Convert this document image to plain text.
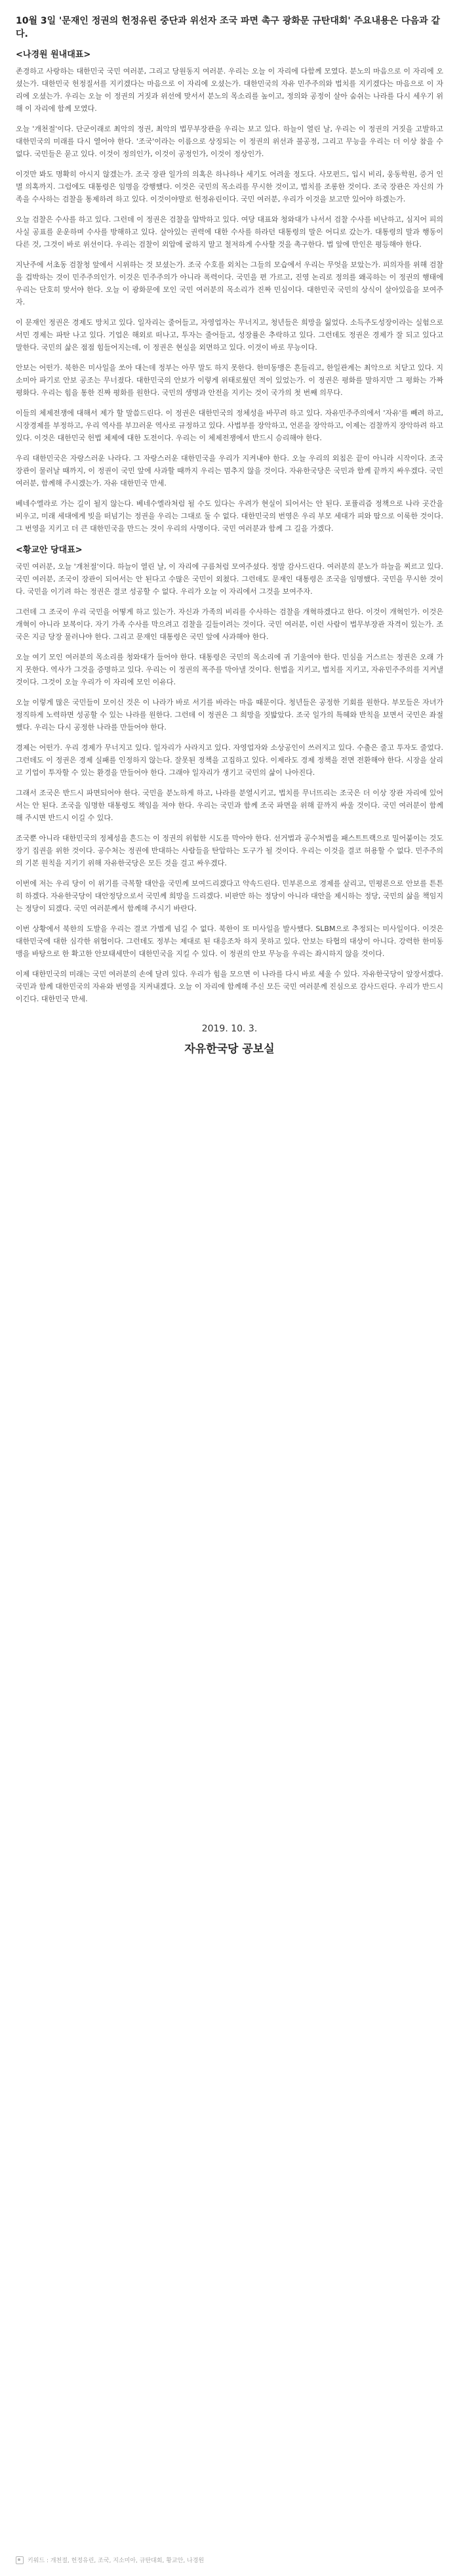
10월 3일 '문재인 정권의 헌정유린 중단과 위선자 조국 파면 촉구 광화문 규탄대회' 주요내용은 다음과 같다.
<나경원 원내대표>

존경하고 사랑하는 대한민국 국민 여러분, 그리고 당원동지 여러분. 우리는 오늘 이 자리에 다함께 모였다. 분노의 마음으로 이 자리에 오셨는가. 대한민국 헌정질서를 지키겠다는 마음으로 이 자리에 오셨는가. 대한민국의 자유 민주주의와 법치를 지키겠다는 마음으로 이 자리에 오셨는가. 우리는 오늘 이 정권의 거짓과 위선에 맞서서 분노의 목소리를 높이고, 정의와 공정이 살아 숨쉬는 나라를 다시 세우기 위해 이 자리에 함께 모였다.

오늘 '개천절'이다. 단군이래로 최악의 정권, 최악의 법무부장관을 우리는 보고 있다. 하늘이 열린 날, 우리는 이 정권의 거짓을 고발하고 대한민국의 미래를 다시 열어야 한다. '조국'이라는 이름으로 상징되는 이 정권의 위선과 불공정, 그리고 무능을 우리는 더 이상 참을 수 없다. 국민들은 묻고 있다. 이것이 정의인가, 이것이 공정인가, 이것이 정상인가.

이것만 봐도 명확히 아시지 않겠는가. 조국 장관 일가의 의혹은 하나하나 세기도 어려울 정도다. 사모펀드, 입시 비리, 웅동학원, 증거 인멸 의혹까지. 그럼에도 대통령은 임명을 강행했다. 이것은 국민의 목소리를 무시한 것이고, 법치를 조롱한 것이다. 조국 장관은 자신의 가족을 수사하는 검찰을 통제하려 하고 있다. 이것이야말로 헌정유린이다. 국민 여러분, 우리가 이것을 보고만 있어야 하겠는가.

오늘 검찰은 수사를 하고 있다. 그런데 이 정권은 검찰을 압박하고 있다. 여당 대표와 청와대가 나서서 검찰 수사를 비난하고, 심지어 피의사실 공표를 운운하며 수사를 방해하고 있다. 살아있는 권력에 대한 수사를 하라던 대통령의 말은 어디로 갔는가. 대통령의 말과 행동이 다른 것, 그것이 바로 위선이다. 우리는 검찰이 외압에 굴하지 말고 철저하게 수사할 것을 촉구한다. 법 앞에 만인은 평등해야 한다.

지난주에 서초동 검찰청 앞에서 시위하는 것 보셨는가. 조국 수호를 외치는 그들의 모습에서 우리는 무엇을 보았는가. 피의자를 위해 검찰을 겁박하는 것이 민주주의인가. 이것은 민주주의가 아니라 폭력이다. 국민을 편 가르고, 진영 논리로 정의를 왜곡하는 이 정권의 행태에 우리는 단호히 맞서야 한다. 오늘 이 광화문에 모인 국민 여러분의 목소리가 진짜 민심이다. 대한민국 국민의 상식이 살아있음을 보여주자.

이 문재인 정권은 경제도 망치고 있다. 일자리는 줄어들고, 자영업자는 무너지고, 청년들은 희망을 잃었다. 소득주도성장이라는 실험으로 서민 경제는 파탄 나고 있다. 기업은 해외로 떠나고, 투자는 줄어들고, 성장률은 추락하고 있다. 그런데도 정권은 경제가 잘 되고 있다고 말한다. 국민의 삶은 점점 힘들어지는데, 이 정권은 현실을 외면하고 있다. 이것이 바로 무능이다.

안보는 어떤가. 북한은 미사일을 쏘아 대는데 정부는 아무 말도 하지 못한다. 한미동맹은 흔들리고, 한일관계는 최악으로 치닫고 있다. 지소미아 파기로 안보 공조는 무너졌다. 대한민국의 안보가 이렇게 위태로웠던 적이 있었는가. 이 정권은 평화를 말하지만 그 평화는 가짜 평화다. 우리는 힘을 통한 진짜 평화를 원한다. 국민의 생명과 안전을 지키는 것이 국가의 첫 번째 의무다.

이들의 체제전쟁에 대해서 제가 할 말씀드린다. 이 정권은 대한민국의 정체성을 바꾸려 하고 있다. 자유민주주의에서 '자유'를 빼려 하고, 시장경제를 부정하고, 우리 역사를 부끄러운 역사로 규정하고 있다. 사법부를 장악하고, 언론을 장악하고, 이제는 검찰까지 장악하려 하고 있다. 이것은 대한민국 헌법 체제에 대한 도전이다. 우리는 이 체제전쟁에서 반드시 승리해야 한다.

우리 대한민국은 자랑스러운 나라다. 그 자랑스러운 대한민국을 우리가 지켜내야 한다. 오늘 우리의 외침은 끝이 아니라 시작이다. 조국 장관이 물러날 때까지, 이 정권이 국민 앞에 사과할 때까지 우리는 멈추지 않을 것이다. 자유한국당은 국민과 함께 끝까지 싸우겠다. 국민 여러분, 함께해 주시겠는가. 자유 대한민국 만세.

베네수엘라로 가는 길이 될지 않는다. 베네수엘라처럼 될 수도 있다는 우려가 현실이 되어서는 안 된다. 포퓰리즘 정책으로 나라 곳간을 비우고, 미래 세대에게 빚을 떠넘기는 정권을 우리는 그대로 둘 수 없다. 대한민국의 번영은 우리 부모 세대가 피와 땀으로 이룩한 것이다. 그 번영을 지키고 더 큰 대한민국을 만드는 것이 우리의 사명이다. 국민 여러분과 함께 그 길을 가겠다.

<황교안 당대표>

국민 여러분, 오늘 '개천절'이다. 하늘이 열린 날, 이 자리에 구름처럼 모여주셨다. 정말 감사드린다. 여러분의 분노가 하늘을 찌르고 있다. 국민 여러분, 조국이 장관이 되어서는 안 된다고 수많은 국민이 외쳤다. 그런데도 문재인 대통령은 조국을 임명했다. 국민을 무시한 것이다. 국민을 이기려 하는 정권은 결코 성공할 수 없다. 우리가 오늘 이 자리에서 그것을 보여주자.

그런데 그 조국이 우리 국민을 어떻게 하고 있는가. 자신과 가족의 비리를 수사하는 검찰을 개혁하겠다고 한다. 이것이 개혁인가. 이것은 개혁이 아니라 보복이다. 자기 가족 수사를 막으려고 검찰을 길들이려는 것이다. 국민 여러분, 이런 사람이 법무부장관 자격이 있는가. 조국은 지금 당장 물러나야 한다. 그리고 문재인 대통령은 국민 앞에 사과해야 한다.

오늘 여기 모인 여러분의 목소리를 청와대가 들어야 한다. 대통령은 국민의 목소리에 귀 기울여야 한다. 민심을 거스르는 정권은 오래 가지 못한다. 역사가 그것을 증명하고 있다. 우리는 이 정권의 폭주를 막아낼 것이다. 헌법을 지키고, 법치를 지키고, 자유민주주의를 지켜낼 것이다. 그것이 오늘 우리가 이 자리에 모인 이유다.

오늘 이렇게 많은 국민들이 모이신 것은 이 나라가 바로 서기를 바라는 마음 때문이다. 청년들은 공정한 기회를 원한다. 부모들은 자녀가 정직하게 노력하면 성공할 수 있는 나라를 원한다. 그런데 이 정권은 그 희망을 짓밟았다. 조국 일가의 특혜와 반칙을 보면서 국민은 좌절했다. 우리는 다시 공정한 나라를 만들어야 한다.

경제는 어떤가. 우리 경제가 무너지고 있다. 일자리가 사라지고 있다. 자영업자와 소상공인이 쓰러지고 있다. 수출은 줄고 투자도 줄었다. 그런데도 이 정권은 경제 실패를 인정하지 않는다. 잘못된 정책을 고집하고 있다. 이제라도 경제 정책을 전면 전환해야 한다. 시장을 살리고 기업이 투자할 수 있는 환경을 만들어야 한다. 그래야 일자리가 생기고 국민의 삶이 나아진다.

그래서 조국은 반드시 파면되어야 한다. 국민을 분노하게 하고, 나라를 분열시키고, 법치를 무너뜨리는 조국은 더 이상 장관 자리에 있어서는 안 된다. 조국을 임명한 대통령도 책임을 져야 한다. 우리는 국민과 함께 조국 파면을 위해 끝까지 싸울 것이다. 국민 여러분이 함께해 주시면 반드시 이길 수 있다.

조국뿐 아니라 대한민국의 정체성을 흔드는 이 정권의 위험한 시도를 막아야 한다. 선거법과 공수처법을 패스트트랙으로 밀어붙이는 것도 장기 집권을 위한 것이다. 공수처는 정권에 반대하는 사람들을 탄압하는 도구가 될 것이다. 우리는 이것을 결코 허용할 수 없다. 민주주의의 기본 원칙을 지키기 위해 자유한국당은 모든 것을 걸고 싸우겠다.

이번에 저는 우리 당이 이 위기를 극복할 대안을 국민께 보여드리겠다고 약속드린다. 민부론으로 경제를 살리고, 민평론으로 안보를 튼튼히 하겠다. 자유한국당이 대안정당으로서 국민께 희망을 드리겠다. 비판만 하는 정당이 아니라 대안을 제시하는 정당, 국민의 삶을 책임지는 정당이 되겠다. 국민 여러분께서 함께해 주시기 바란다.

이번 상황에서 북한의 도발을 우리는 결코 가볍게 넘길 수 없다. 북한이 또 미사일을 발사했다. SLBM으로 추정되는 미사일이다. 이것은 대한민국에 대한 심각한 위협이다. 그런데도 정부는 제대로 된 대응조차 하지 못하고 있다. 안보는 타협의 대상이 아니다. 강력한 한미동맹을 바탕으로 한 확고한 안보태세만이 대한민국을 지킬 수 있다. 이 정권의 안보 무능을 우리는 좌시하지 않을 것이다.

이제 대한민국의 미래는 국민 여러분의 손에 달려 있다. 우리가 힘을 모으면 이 나라를 다시 바로 세울 수 있다. 자유한국당이 앞장서겠다. 국민과 함께 대한민국의 자유와 번영을 지켜내겠다. 오늘 이 자리에 함께해 주신 모든 국민 여러분께 진심으로 감사드린다. 우리가 반드시 이긴다. 대한민국 만세.

2019. 10. 3.
자유한국당 공보실
키워드 : 개천절, 헌정유린, 조국, 지소미아, 규탄대회, 황교안, 나경원
